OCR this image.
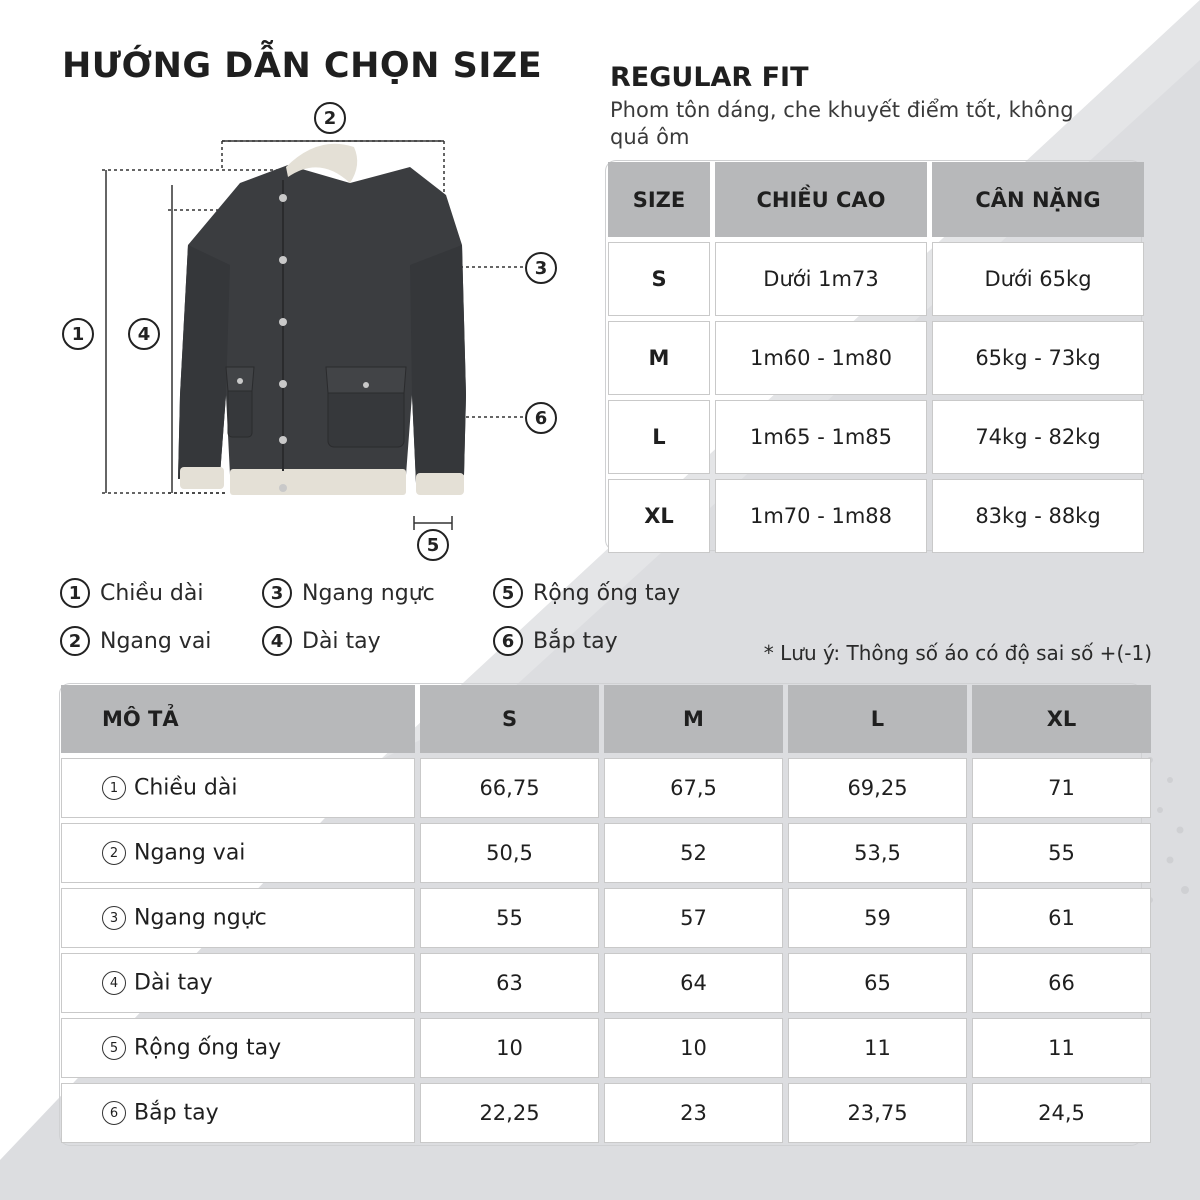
HƯỚNG DẪN CHỌN SIZE	REGULAR FIT
Phom tôn dáng, che khuyết điểm tốt, không quá ôm
2
1	4
3
6
5
SIZE	CHIỀU CAO	CÂN NẶNG
S	Dưới 1m73	Dưới 65kg
M	1m60 - 1m80	65kg - 73kg
L	1m65 - 1m85	74kg - 82kg
XL	1m70 - 1m88	83kg - 88kg
1 Chiều dài
2 Ngang vai
3 Ngang ngực
4 Dài tay
5 Rộng ống tay
6 Bắp tay	* Lưu ý: Thông số áo có độ sai số +(-1)
MÔ TẢ	S	M	L	XL
1 Chiều dài	66,75	67,5	69,25	71
2 Ngang vai	50,5	52	53,5	55
3 Ngang ngực	55	57	59	61
4 Dài tay	63	64	65	66
5 Rộng ống tay	10	10	11	11
6 Bắp tay	22,25	23	23,75	24,5
